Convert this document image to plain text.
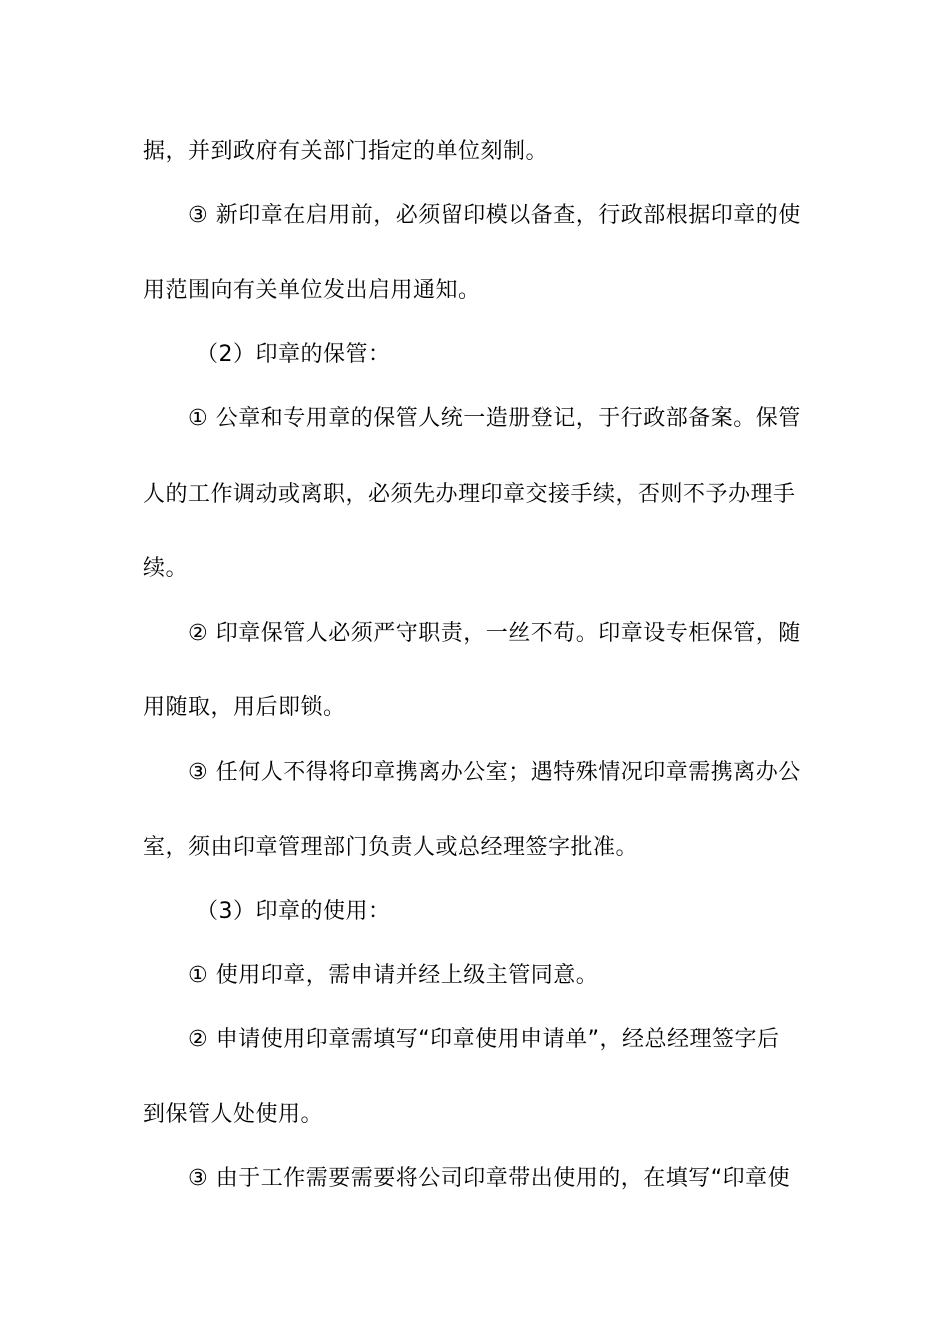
据，并到政府有关部门指定的单位刻制。
③ 新印章在启用前，必须留印模以备查，行政部根据印章的使
用范围向有关单位发出启用通知。
（2）印章的保管：
① 公章和专用章的保管人统一造册登记，于行政部备案。保管
人的工作调动或离职，必须先办理印章交接手续，否则不予办理手
续。
② 印章保管人必须严守职责，一丝不苟。印章设专柜保管，随
用随取，用后即锁。
③ 任何人不得将印章携离办公室；遇特殊情况印章需携离办公
室，须由印章管理部门负责人或总经理签字批准。
（3）印章的使用：
① 使用印章，需申请并经上级主管同意。
② 申请使用印章需填写“印章使用申请单”，经总经理签字后
到保管人处使用。
③ 由于工作需要需要将公司印章带出使用的，在填写“印章使
